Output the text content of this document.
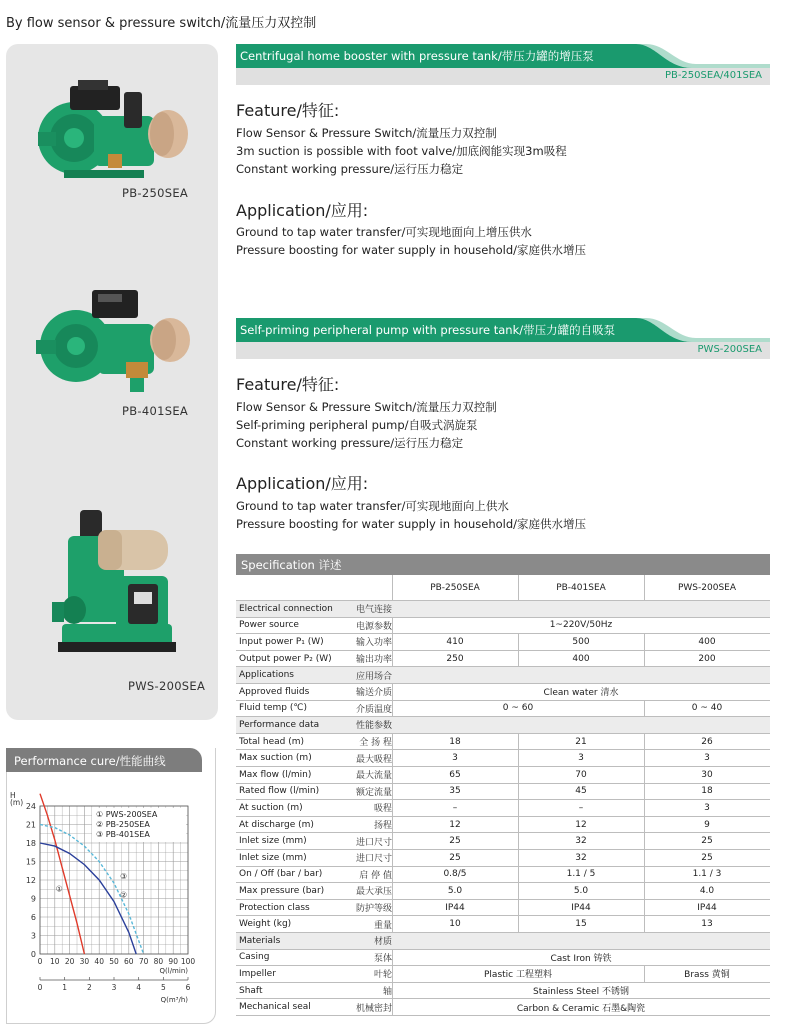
By flow sensor & pressure switch/流量压力双控制
PB-250SEA
PB-401SEA
PWS-200SEA
Centrifugal home booster with pressure tank/带压力罐的增压泵
PB-250SEA/401SEA
Feature/特征:
Flow Sensor & Pressure Switch/流量压力双控制
3m suction is possible with foot valve/加底阀能实现3m吸程
Constant working pressure/运行压力稳定
Application/应用:
Ground to tap water transfer/可实现地面向上增压供水
Pressure boosting for water supply in household/家庭供水增压
Self-priming peripheral pump with pressure tank/带压力罐的自吸泵
PWS-200SEA
Feature/特征:
Flow Sensor & Pressure Switch/流量压力双控制
Self-priming peripheral pump/自吸式涡旋泵
Constant working pressure/运行压力稳定
Application/应用:
Ground to tap water transfer/可实现地面向上供水
Pressure boosting for water supply in household/家庭供水增压
Performance cure/性能曲线
24
21
18
15
12
9
6
3
0
H
(m)
0 10 20 30 40 50 60 70 80 90 100
Q(l/min)
0	1	2	3	4	5	6
Q(m³/h)
①
②
③
① PWS-200SEA
② PB-250SEA
③ PB-401SEA
Specification 详述
PB-250SEA	PB-401SEA	PWS-200SEA
Electrical connection	电气连接
Power source	电源参数	1~220V/50Hz
Input power P₁ (W)	输入功率	410	500	400
Output power P₂ (W)	输出功率	250	400	200
Applications	应用场合
Approved fluids	输送介质	Clean water 清水
Fluid temp (℃)	介质温度	0 ~ 60	0 ~ 40
Performance data	性能参数
Total head (m)	全 扬 程	18	21	26
Max suction (m)	最大吸程	3	3	3
Max flow (l/min)	最大流量	65	70	30
Rated flow (l/min)	额定流量	35	45	18
At suction (m)	吸程	–	–	3
At discharge (m)	扬程	12	12	9
Inlet size (mm)	进口尺寸	25	32	25
Inlet size (mm)	进口尺寸	25	32	25
On / Off (bar / bar)	启 停 值	0.8/5	1.1 / 5	1.1 / 3
Max pressure (bar)	最大承压	5.0	5.0	4.0
Protection class	防护等级	IP44	IP44	IP44
Weight (kg)	重量	10	15	13
Materials	材质
Casing	泵体	Cast Iron 铸铁
Impeller	叶轮	Plastic 工程塑料	Brass 黄铜
Shaft	轴	Stainless Steel 不锈钢
Mechanical seal	机械密封	Carbon & Ceramic 石墨&陶瓷
